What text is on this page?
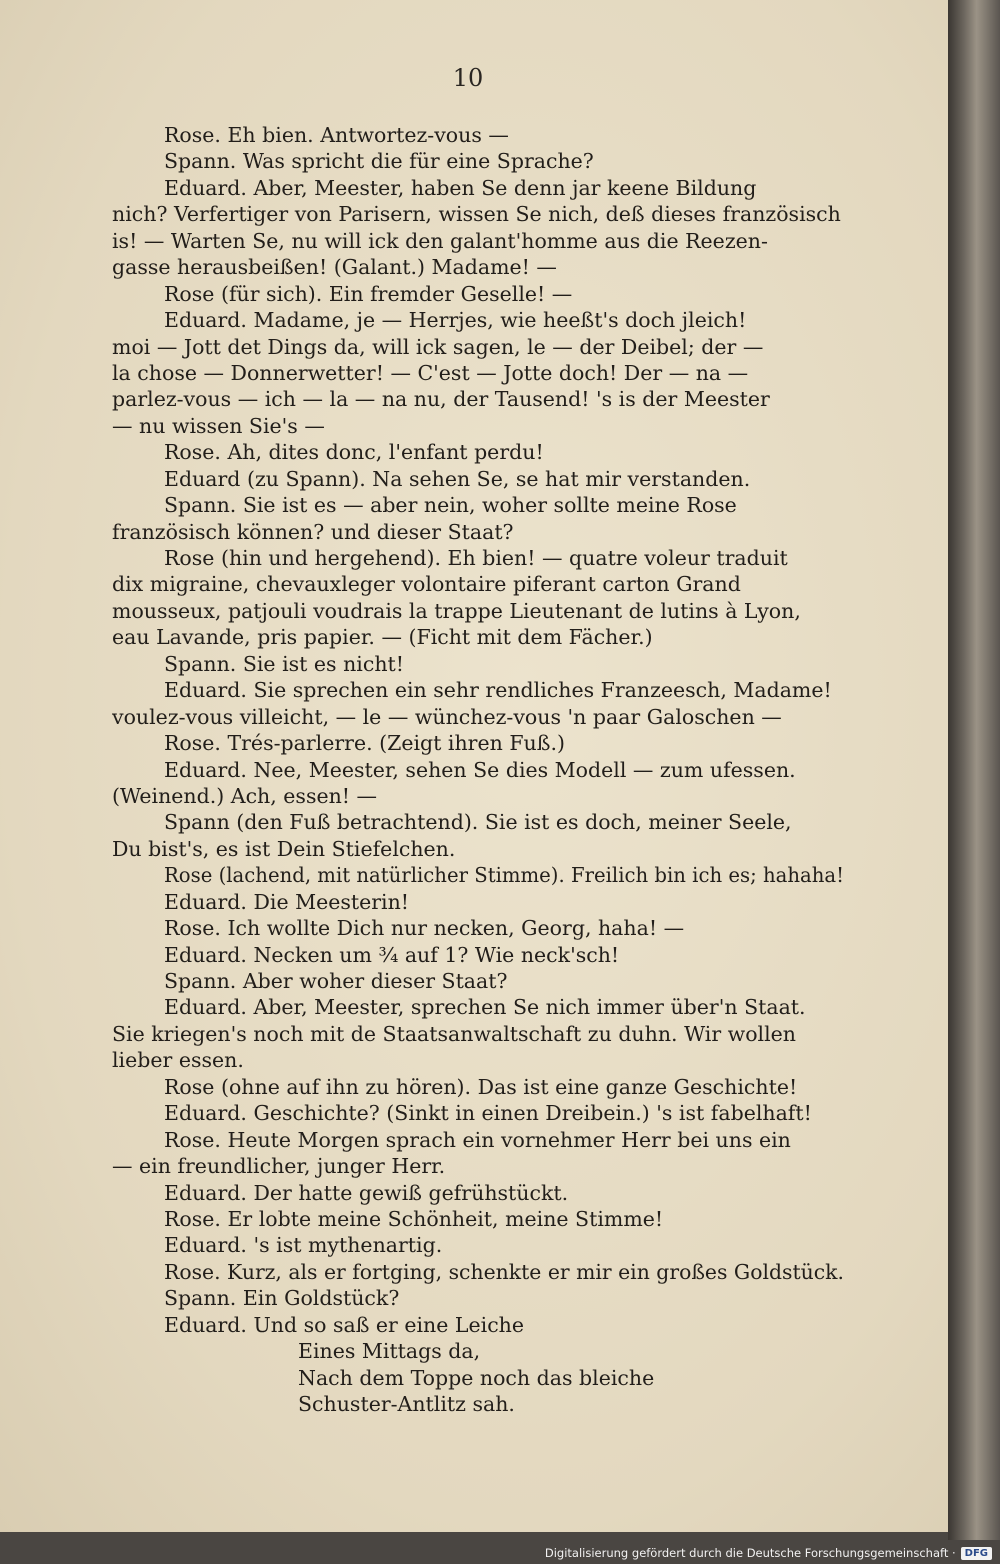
10
Rose. Eh bien. Antwortez-vous —
Spann. Was spricht die für eine Sprache?
Eduard. Aber, Meester, haben Se denn jar keene Bildung
nich? Verfertiger von Parisern, wissen Se nich, deß dieses französisch
is! — Warten Se, nu will ick den galant'homme aus die Reezen-
gasse herausbeißen! (Galant.) Madame! —
Rose (für sich). Ein fremder Geselle! —
Eduard. Madame, je — Herrjes, wie heeßt's doch jleich!
moi — Jott det Dings da, will ick sagen, le — der Deibel; der —
la chose — Donnerwetter! — C'est — Jotte doch! Der — na —
parlez-vous — ich — la — na nu, der Tausend! 's is der Meester
— nu wissen Sie's —
Rose. Ah, dites donc, l'enfant perdu!
Eduard (zu Spann). Na sehen Se, se hat mir verstanden.
Spann. Sie ist es — aber nein, woher sollte meine Rose
französisch können? und dieser Staat?
Rose (hin und hergehend). Eh bien! — quatre voleur traduit
dix migraine, chevauxleger volontaire piferant carton Grand
mousseux, patjouli voudrais la trappe Lieutenant de lutins à Lyon,
eau Lavande, pris papier. — (Ficht mit dem Fächer.)
Spann. Sie ist es nicht!
Eduard. Sie sprechen ein sehr rendliches Franzeesch, Madame!
voulez-vous villeicht, — le — wünchez-vous 'n paar Galoschen —
Rose. Trés-parlerre. (Zeigt ihren Fuß.)
Eduard. Nee, Meester, sehen Se dies Modell — zum ufessen.
(Weinend.) Ach, essen! —
Spann (den Fuß betrachtend). Sie ist es doch, meiner Seele,
Du bist's, es ist Dein Stiefelchen.
Rose (lachend, mit natürlicher Stimme). Freilich bin ich es; hahaha!
Eduard. Die Meesterin!
Rose. Ich wollte Dich nur necken, Georg, haha! —
Eduard. Necken um ¾ auf 1? Wie neck'sch!
Spann. Aber woher dieser Staat?
Eduard. Aber, Meester, sprechen Se nich immer über'n Staat.
Sie kriegen's noch mit de Staatsanwaltschaft zu duhn. Wir wollen
lieber essen.
Rose (ohne auf ihn zu hören). Das ist eine ganze Geschichte!
Eduard. Geschichte? (Sinkt in einen Dreibein.) 's ist fabelhaft!
Rose. Heute Morgen sprach ein vornehmer Herr bei uns ein
— ein freundlicher, junger Herr.
Eduard. Der hatte gewiß gefrühstückt.
Rose. Er lobte meine Schönheit, meine Stimme!
Eduard. 's ist mythenartig.
Rose. Kurz, als er fortging, schenkte er mir ein großes Goldstück.
Spann. Ein Goldstück?
Eduard. Und so saß er eine Leiche
Eines Mittags da,
Nach dem Toppe noch das bleiche
Schuster-Antlitz sah.
Digitalisierung gefördert durch die Deutsche Forschungsgemeinschaft · DFG
